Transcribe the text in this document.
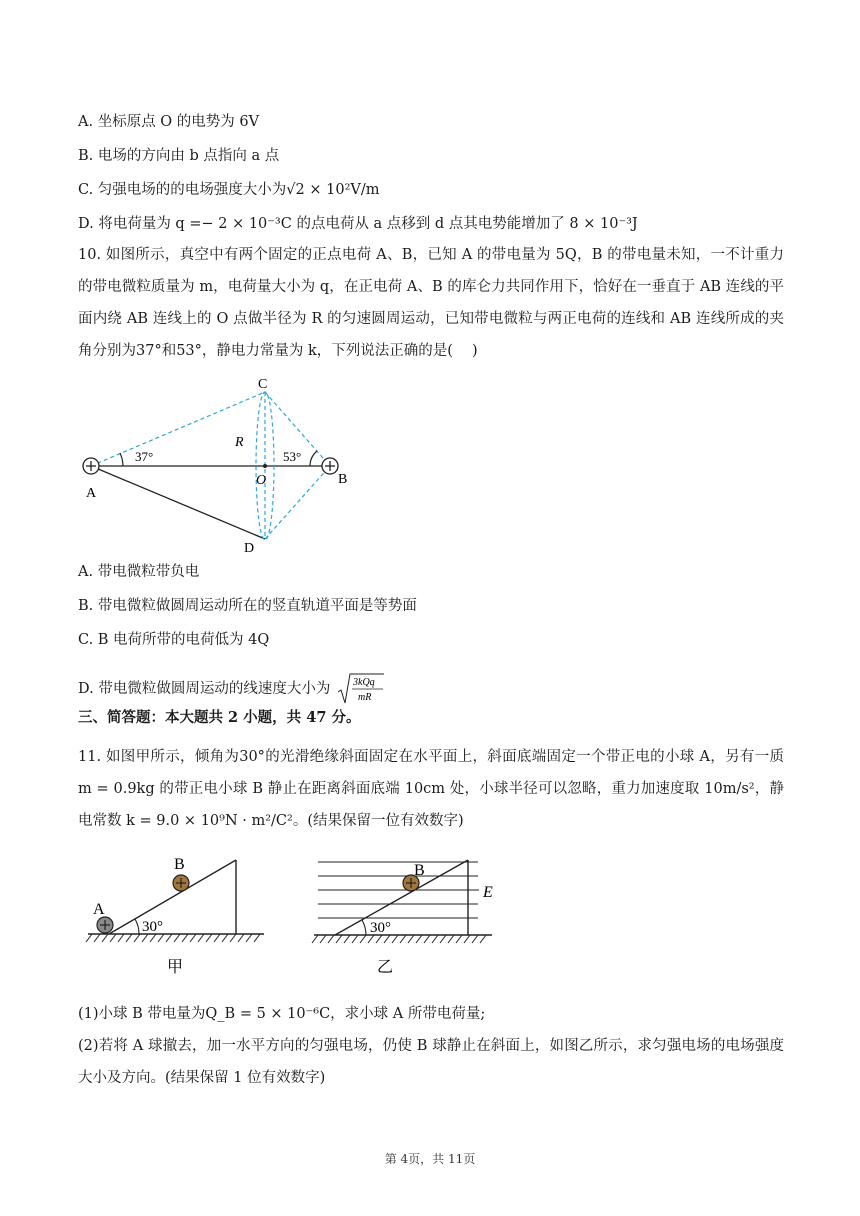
A. 坐标原点 O 的电势为 6V
B. 电场的方向由 b 点指向 a 点
C. 匀强电场的的电场强度大小为√2 × 10²V/m
D. 将电荷量为 q =− 2 × 10⁻³C 的点电荷从 a 点移到 d 点其电势能增加了 8 × 10⁻³J
10. 如图所示，真空中有两个固定的正点电荷 A、B，已知 A 的带电量为 5Q，B 的带电量未知，一不计重力的带电微粒质量为 m，电荷量大小为 q，在正电荷 A、B 的库仑力共同作用下，恰好在一垂直于 AB 连线的平面内绕 AB 连线上的 O 点做半径为 R 的匀速圆周运动，已知带电微粒与两正电荷的连线和 AB 连线所成的夹角分别为37°和53°，静电力常量为 k，下列说法正确的是(　 )
C
D
A
B
O
R
37°	53°
A. 带电微粒带负电
B. 带电微粒做圆周运动所在的竖直轨道平面是等势面
C. B 电荷所带的电荷低为 4Q
D. 带电微粒做圆周运动的线速度大小为 3kQq
mR
三、简答题：本大题共 2 小题，共 47 分。
11. 如图甲所示，倾角为30°的光滑绝缘斜面固定在水平面上，斜面底端固定一个带正电的小球 A，另有一质 m = 0.9kg 的带正电小球 B 静止在距离斜面底端 10cm 处，小球半径可以忽略，重力加速度取 10m/s²，静电常数 k = 9.0 × 10⁹N · m²/C²。(结果保留一位有效数字)
A
B
30°
甲
B
E
30°
乙
(1)小球 B 带电量为Q_B = 5 × 10⁻⁶C，求小球 A 所带电荷量;
(2)若将 A 球撤去，加一水平方向的匀强电场，仍使 B 球静止在斜面上，如图乙所示，求匀强电场的电场强度大小及方向。(结果保留 1 位有效数字)
第 4页，共 11页
